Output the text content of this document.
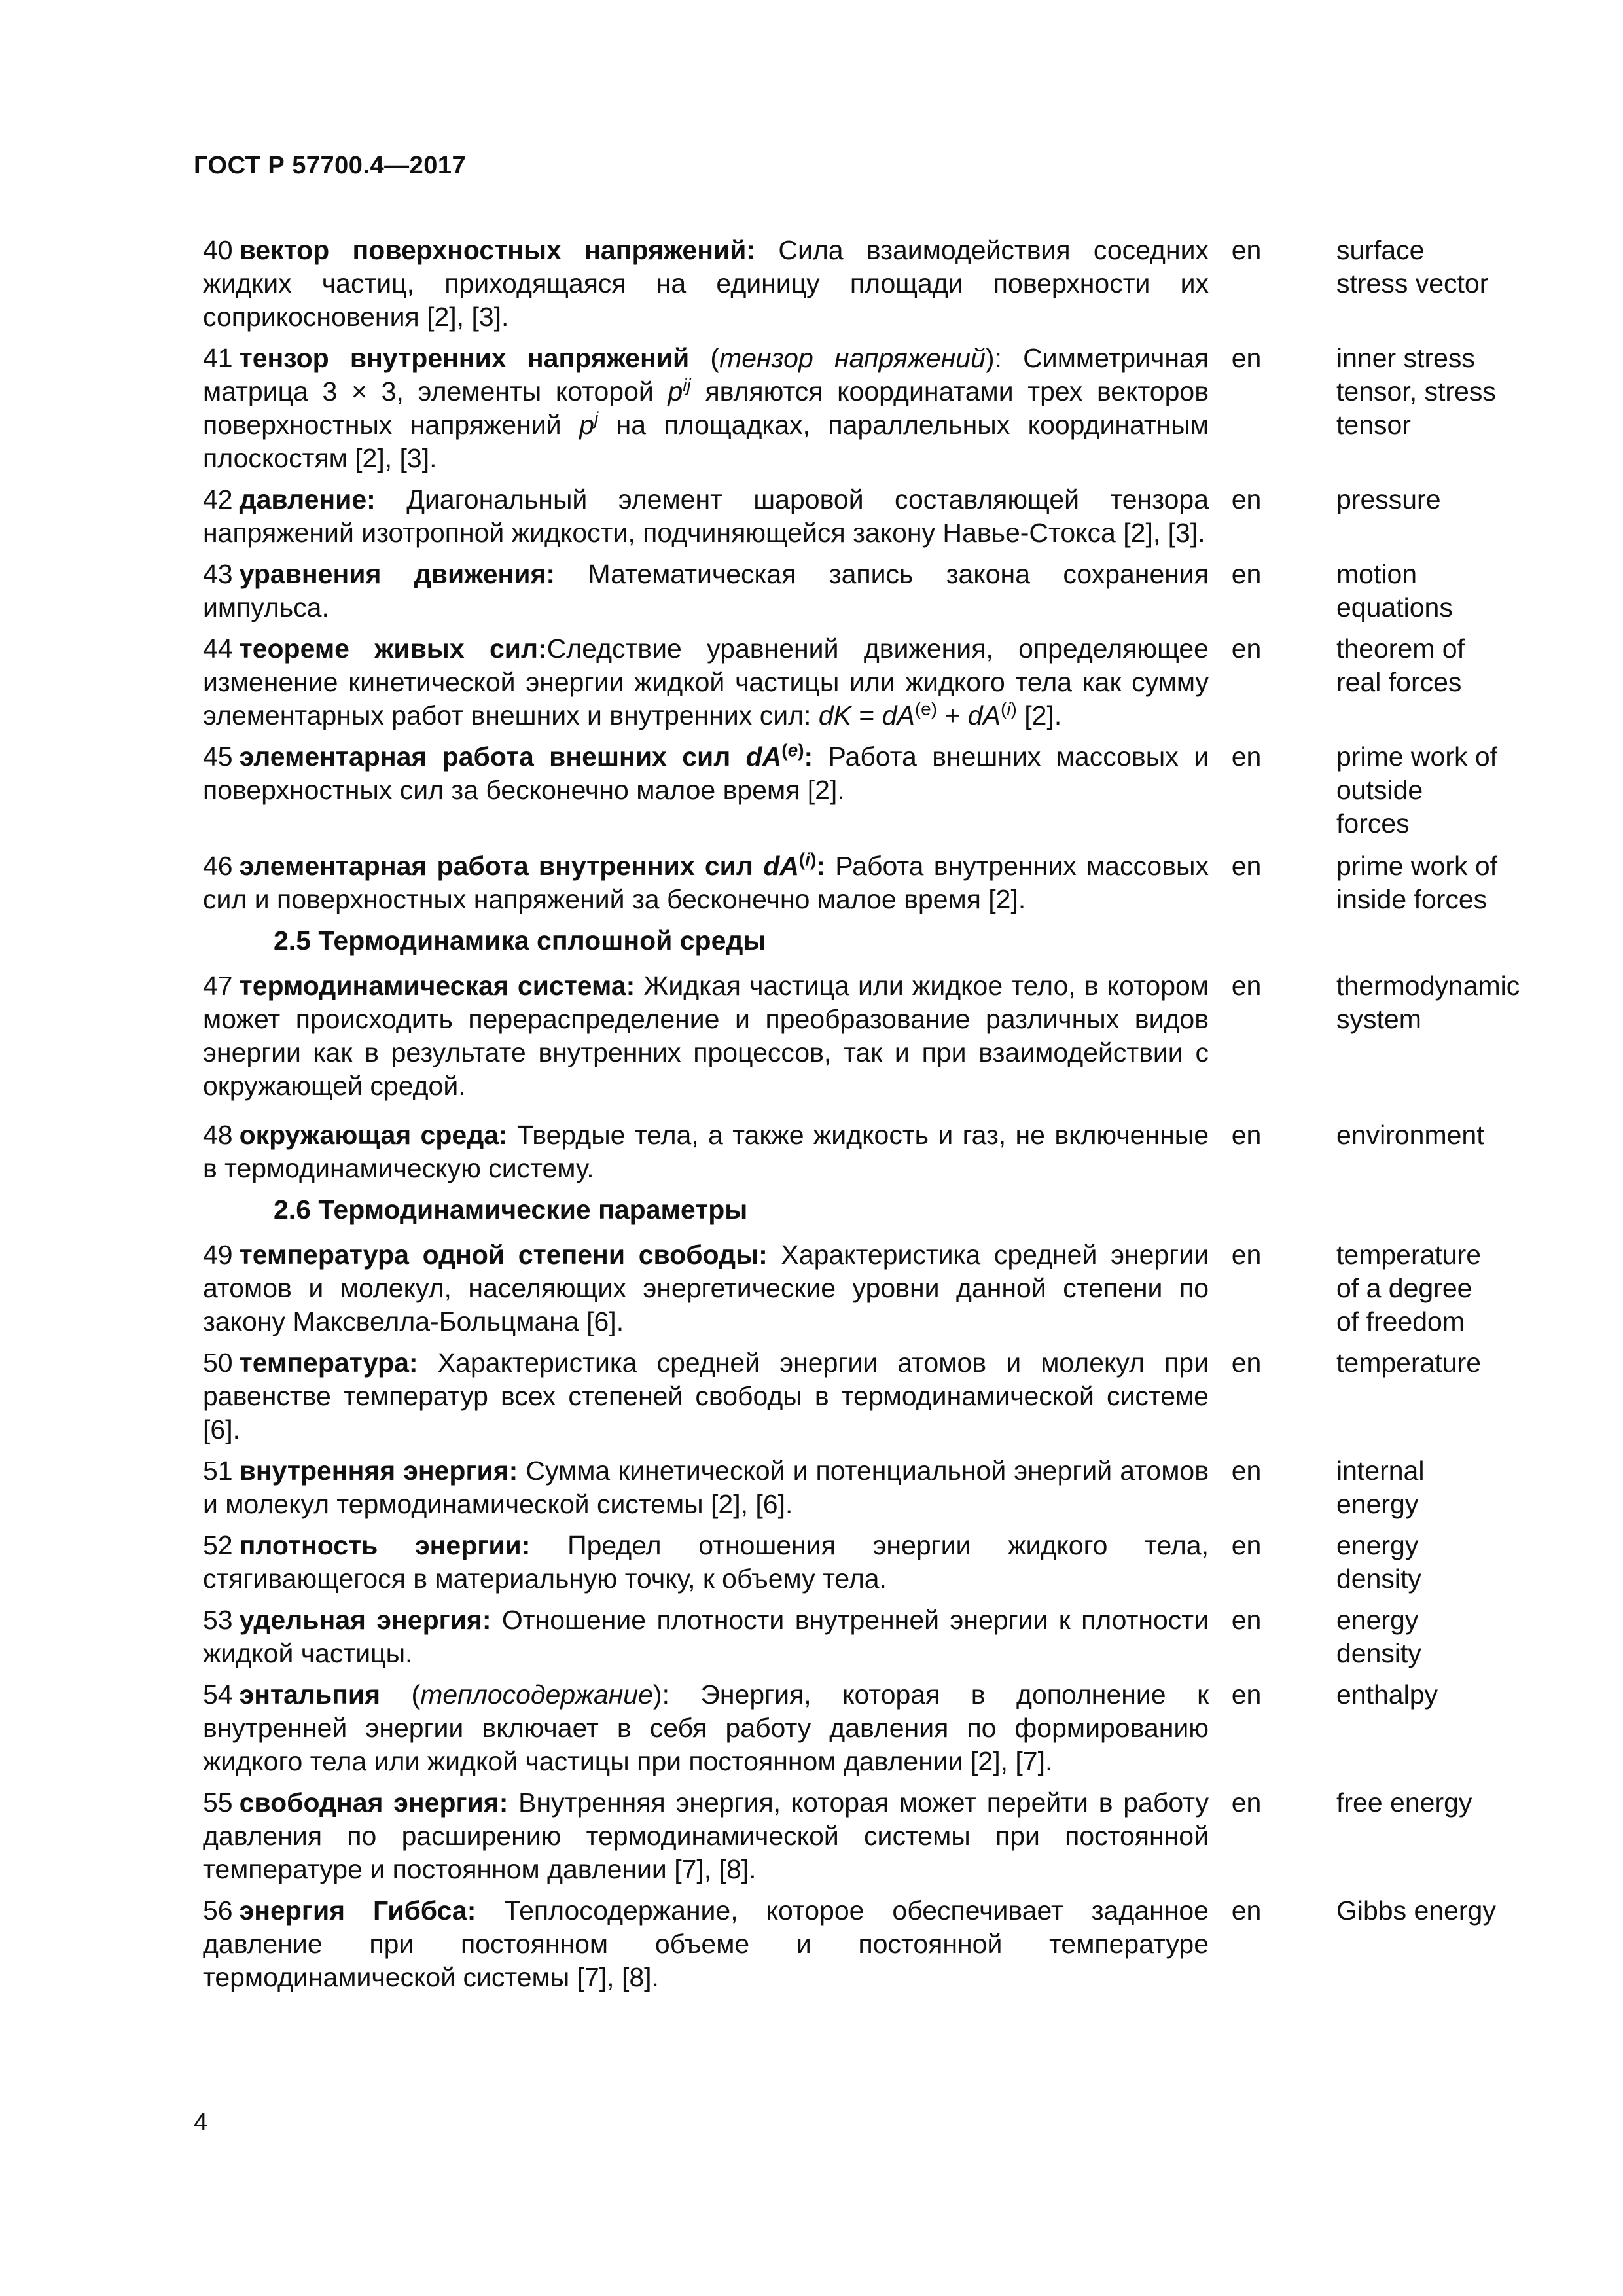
ГОСТ Р 57700.4—2017
40 вектор поверхностных напряжений: Сила взаимодействия соседних жидких частиц, приходящаяся на единицу площади поверхности их соприкосновения [2], [3].
en	surface stress vector
41 тензор внутренних напряжений (тензор напряжений): Симметричная матрица 3 × 3, элементы которой $p^{ij}$ являются координатами трех векторов поверхностных напряжений $p^j$ на площадках, параллельных координатным плоскостям [2], [3].
en	inner stress tensor, stress tensor
42 давление: Диагональный элемент шаровой составляющей тензора напряжений изотропной жидкости, подчиняющейся закону Навье-Стокса [2], [3].
en	pressure
43 уравнения движения: Математическая запись закона сохранения импульса.
en	motion equations
44 теореме живых сил:Следствие уравнений движения, определяющее изменение кинетической энергии жидкой частицы или жидкого тела как сумму элементарных работ внешних и внутренних сил: dK = $dA^{(e)} + dA^{(i)}$ [2].
en	theorem of real forces
45 элементарная работа внешних сил $dA^{(e)}$: Работа внешних массовых и поверхностных сил за бесконечно малое время [2].
en	prime work of outside forces
46 элементарная работа внутренних сил $dA^{(i)}$: Работа внутренних массовых сил и поверхностных напряжений за бесконечно малое время [2].
en	prime work of inside forces
2.5 Термодинамика сплошной среды
47 термодинамическая система: Жидкая частица или жидкое тело, в котором может происходить перераспределение и преобразование различных видов энергии как в результате внутренних процессов, так и при взаимодействии с окружающей средой.
en	thermodynamic system
48 окружающая среда: Твердые тела, а также жидкость и газ, не включенные в термодинамическую систему.
en	environment
2.6 Термодинамические параметры
49 температура одной степени свободы: Характеристика средней энергии атомов и молекул, населяющих энергетические уровни данной степени по закону Максвелла-Больцмана [6].
en	temperature of a degree of freedom
50 температура: Характеристика средней энергии атомов и молекул при равенстве температур всех степеней свободы в термодинамической системе [6].
en	temperature
51 внутренняя энергия: Сумма кинетической и потенциальной энергий атомов и молекул термодинамической системы [2], [6].
en	internal energy
52 плотность энергии: Предел отношения энергии жидкого тела, стягивающегося в материальную точку, к объему тела.
en	energy density
53 удельная энергия: Отношение плотности внутренней энергии к плотности жидкой частицы.
en	energy density
54 энтальпия (теплосодержание): Энергия, которая в дополнение к внутренней энергии включает в себя работу давления по формированию жидкого тела или жидкой частицы при постоянном давлении [2], [7].
en	enthalpy
55 свободная энергия: Внутренняя энергия, которая может перейти в работу давления по расширению термодинамической системы при постоянной температуре и постоянном давлении [7], [8].
en	free energy
56 энергия Гиббса: Теплосодержание, которое обеспечивает заданное давление при постоянном объеме и постоянной температуре термодинамической системы [7], [8].
en	Gibbs energy
4
